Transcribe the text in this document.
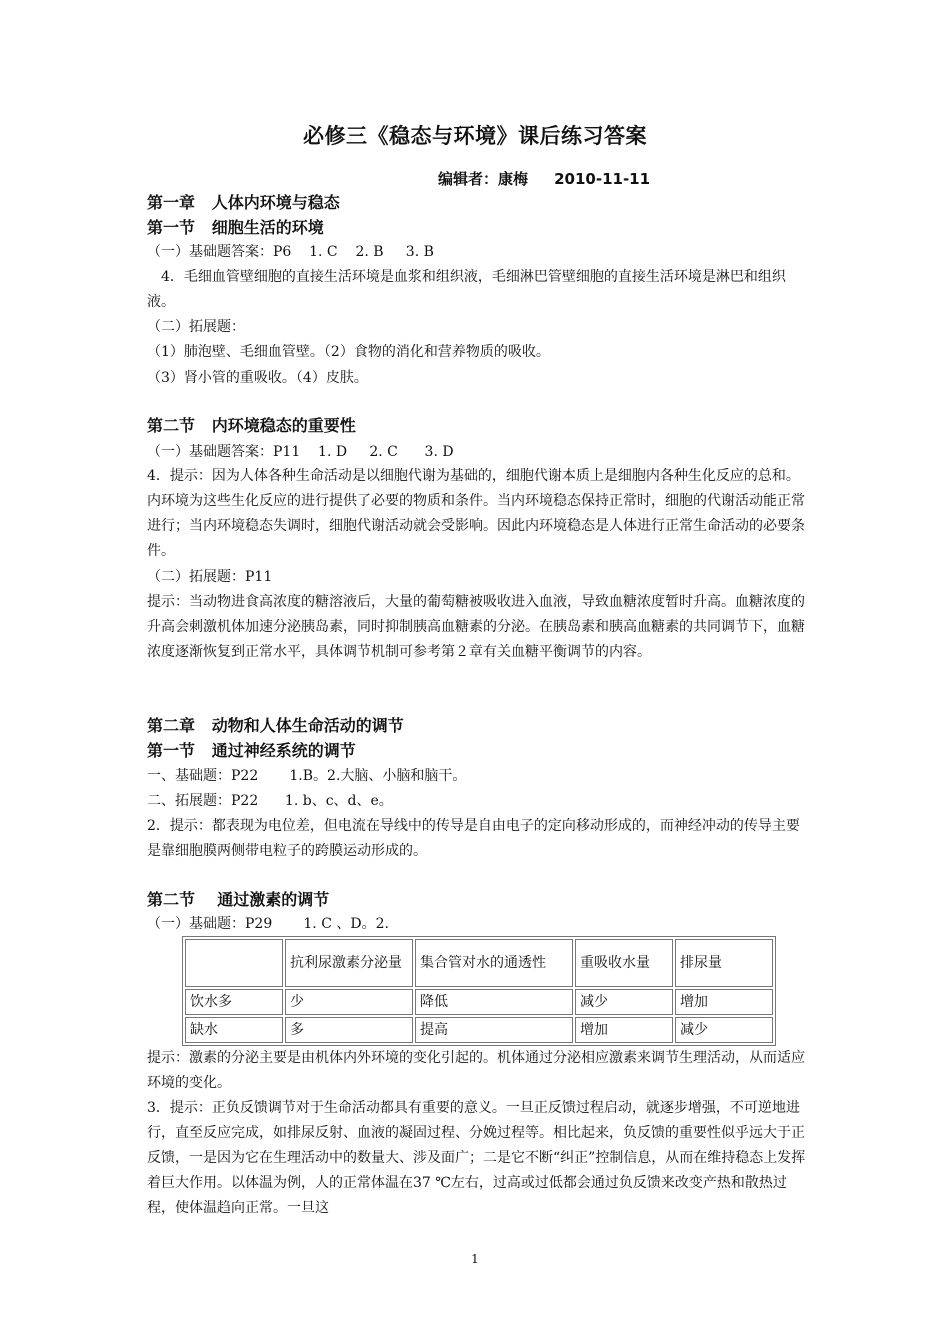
必修三《稳态与环境》课后练习答案
编辑者：康梅     2010-11-11
第一章   人体内环境与稳态
第一节   细胞生活的环境
（一）基础题答案：P6    1. C    2. B     3. B
4．毛细血管壁细胞的直接生活环境是血浆和组织液，毛细淋巴管壁细胞的直接生活环境是淋巴和组织液。
（二）拓展题：
（1）肺泡壁、毛细血管壁。（2）食物的消化和营养物质的吸收。
（3）肾小管的重吸收。（4）皮肤。
第二节   内环境稳态的重要性
（一）基础题答案：P11    1. D     2. C      3. D
4．提示：因为人体各种生命活动是以细胞代谢为基础的，细胞代谢本质上是细胞内各种生化反应的总和。内环境为这些生化反应的进行提供了必要的物质和条件。当内环境稳态保持正常时，细胞的代谢活动能正常进行；当内环境稳态失调时，细胞代谢活动就会受影响。因此内环境稳态是人体进行正常生命活动的必要条件。
（二）拓展题：P11
提示：当动物进食高浓度的糖溶液后，大量的葡萄糖被吸收进入血液，导致血糖浓度暂时升高。血糖浓度的升高会刺激机体加速分泌胰岛素，同时抑制胰高血糖素的分泌。在胰岛素和胰高血糖素的共同调节下，血糖浓度逐渐恢复到正常水平，具体调节机制可参考第２章有关血糖平衡调节的内容。
第二章   动物和人体生命活动的调节
第一节   通过神经系统的调节
一、基础题：P22       1.B。2.大脑、小脑和脑干。
二、拓展题：P22      1. b、c、d、e。
2．提示：都表现为电位差，但电流在导线中的传导是自由电子的定向移动形成的，而神经冲动的传导主要是靠细胞膜两侧带电粒子的跨膜运动形成的。
第二节    通过激素的调节
（一）基础题：P29       1. C 、D。2.
	抗利尿激素分泌量	集合管对水的通透性	重吸收水量	排尿量
饮水多	少	降低	减少	增加
缺水	多	提高	增加	减少
提示：激素的分泌主要是由机体内外环境的变化引起的。机体通过分泌相应激素来调节生理活动，从而适应环境的变化。
3．提示：正负反馈调节对于生命活动都具有重要的意义。一旦正反馈过程启动，就逐步增强，不可逆地进行，直至反应完成，如排尿反射、血液的凝固过程、分娩过程等。相比起来，负反馈的重要性似乎远大于正反馈，一是因为它在生理活动中的数量大、涉及面广；二是它不断“纠正”控制信息，从而在维持稳态上发挥着巨大作用。以体温为例，人的正常体温在37 ℃左右，过高或过低都会通过负反馈来改变产热和散热过程，使体温趋向正常。一旦这
1
